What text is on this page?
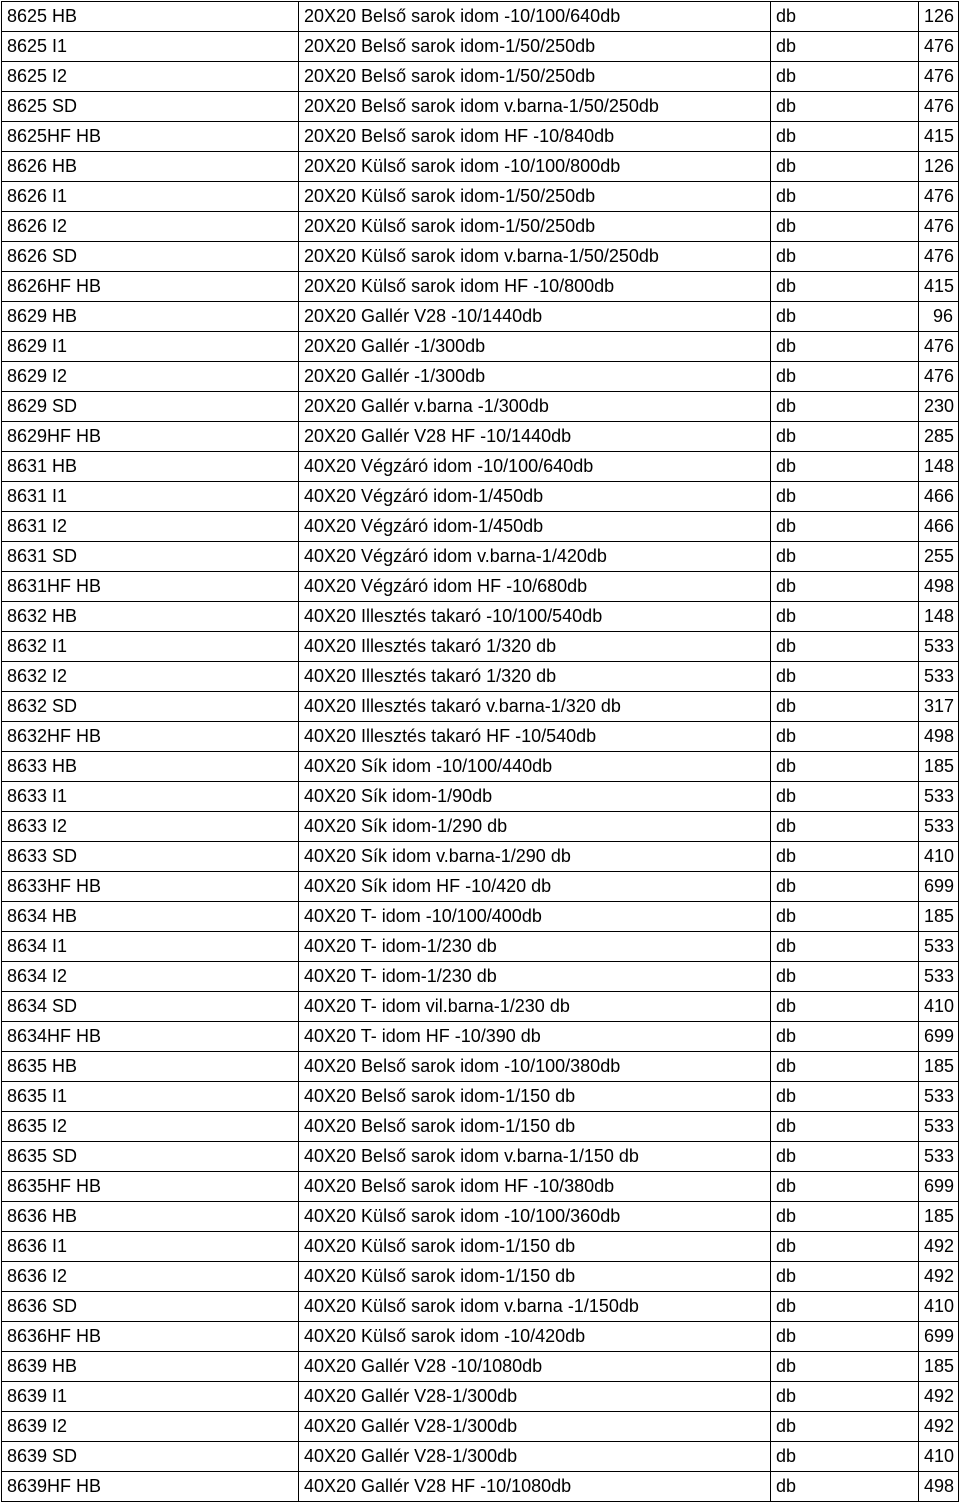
8625 HB	20X20 Belső sarok idom -10/100/640db	db	126
8625 I1	20X20 Belső sarok idom-1/50/250db	db	476
8625 I2	20X20 Belső sarok idom-1/50/250db	db	476
8625 SD	20X20 Belső sarok idom v.barna-1/50/250db	db	476
8625HF HB	20X20 Belső sarok idom HF -10/840db	db	415
8626 HB	20X20 Külső sarok idom -10/100/800db	db	126
8626 I1	20X20 Külső sarok idom-1/50/250db	db	476
8626 I2	20X20 Külső sarok idom-1/50/250db	db	476
8626 SD	20X20 Külső sarok idom v.barna-1/50/250db	db	476
8626HF HB	20X20 Külső sarok idom HF -10/800db	db	415
8629 HB	20X20 Gallér V28 -10/1440db	db	96
8629 I1	20X20 Gallér -1/300db	db	476
8629 I2	20X20 Gallér -1/300db	db	476
8629 SD	20X20 Gallér v.barna -1/300db	db	230
8629HF HB	20X20 Gallér V28 HF -10/1440db	db	285
8631 HB	40X20 Végzáró idom -10/100/640db	db	148
8631 I1	40X20 Végzáró idom-1/450db	db	466
8631 I2	40X20 Végzáró idom-1/450db	db	466
8631 SD	40X20 Végzáró idom v.barna-1/420db	db	255
8631HF HB	40X20 Végzáró idom HF -10/680db	db	498
8632 HB	40X20 Illesztés takaró -10/100/540db	db	148
8632 I1	40X20 Illesztés takaró 1/320 db	db	533
8632 I2	40X20 Illesztés takaró 1/320 db	db	533
8632 SD	40X20 Illesztés takaró v.barna-1/320 db	db	317
8632HF HB	40X20 Illesztés takaró HF -10/540db	db	498
8633 HB	40X20 Sík idom -10/100/440db	db	185
8633 I1	40X20 Sík idom-1/90db	db	533
8633 I2	40X20 Sík idom-1/290 db	db	533
8633 SD	40X20 Sík idom v.barna-1/290 db	db	410
8633HF HB	40X20 Sík idom HF -10/420 db	db	699
8634 HB	40X20 T- idom -10/100/400db	db	185
8634 I1	40X20 T- idom-1/230 db	db	533
8634 I2	40X20 T- idom-1/230 db	db	533
8634 SD	40X20 T- idom vil.barna-1/230 db	db	410
8634HF HB	40X20 T- idom HF -10/390 db	db	699
8635 HB	40X20 Belső sarok idom -10/100/380db	db	185
8635 I1	40X20 Belső sarok idom-1/150 db	db	533
8635 I2	40X20 Belső sarok idom-1/150 db	db	533
8635 SD	40X20 Belső sarok idom v.barna-1/150 db	db	533
8635HF HB	40X20 Belső sarok idom HF -10/380db	db	699
8636 HB	40X20 Külső sarok idom -10/100/360db	db	185
8636 I1	40X20 Külső sarok idom-1/150 db	db	492
8636 I2	40X20 Külső sarok idom-1/150 db	db	492
8636 SD	40X20 Külső sarok idom v.barna -1/150db	db	410
8636HF HB	40X20 Külső sarok idom -10/420db	db	699
8639 HB	40X20 Gallér V28 -10/1080db	db	185
8639 I1	40X20 Gallér V28-1/300db	db	492
8639 I2	40X20 Gallér V28-1/300db	db	492
8639 SD	40X20 Gallér V28-1/300db	db	410
8639HF HB	40X20 Gallér V28 HF -10/1080db	db	498
